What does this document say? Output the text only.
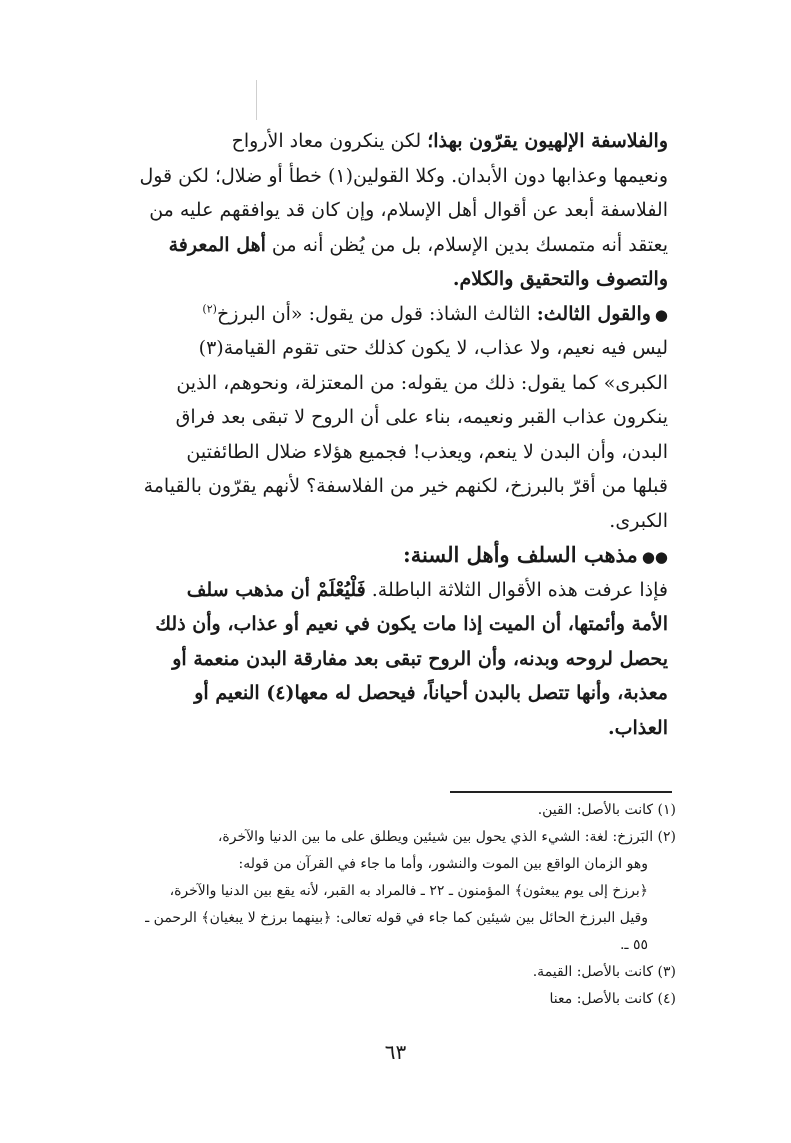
والفلاسفة الإلهيون يقرّون بهذا؛ لكن ينكرون معاد الأرواح
ونعيمها وعذابها دون الأبدان. وكلا القولين(١) خطأ أو ضلال؛ لكن قول
الفلاسفة أبعد عن أقوال أهل الإسلام، وإن كان قد يوافقهم عليه من
يعتقد أنه متمسك بدين الإسلام، بل من يُظن أنه من أهل المعرفة
والتصوف والتحقيق والكلام.
●والقول الثالث: الثالث الشاذ: قول من يقول: «أن البرزخ$^{(٢)}$
ليس فيه نعيم، ولا عذاب، لا يكون كذلك حتى تقوم القيامة(٣)
الكبرى» كما يقول: ذلك من يقوله: من المعتزلة، ونحوهم، الذين
ينكرون عذاب القبر ونعيمه، بناء على أن الروح لا تبقى بعد فراق
البدن، وأن البدن لا ينعم، ويعذب! فجميع هؤلاء ضلال الطائفتين
قبلها من أقرّ بالبرزخ، لكنهم خير من الفلاسفة؟ لأنهم يقرّون بالقيامة
الكبرى.
●●مذهب السلف وأهل السنة:
فإذا عرفت هذه الأقوال الثلاثة الباطلة. فَلْيُعْلَمْ أن مذهب سلف
الأمة وأئمتها، أن الميت إذا مات يكون في نعيم أو عذاب، وأن ذلك
يحصل لروحه وبدنه، وأن الروح تبقى بعد مفارقة البدن منعمة أو
معذبة، وأنها تتصل بالبدن أحياناً، فيحصل له معها(٤) النعيم أو
العذاب.
(١) كانت بالأصل: القين.
(٢) البَرزخ: لغة: الشيء الذي يحول بين شيئين ويطلق على ما بين الدنيا والآخرة،
وهو الزمان الواقع بين الموت والنشور، وأما ما جاء في القرآن من قوله:
﴿برزخ إلى يوم يبعثون﴾ المؤمنون ـ ٢٢ ـ فالمراد به القبر، لأنه يقع بين الدنيا والآخرة،
وقيل البرزخ الحائل بين شيئين كما جاء في قوله تعالى: ﴿بينهما برزخ لا يبغيان﴾ الرحمن ـ
٥٥ ـ.
(٣) كانت بالأصل: القيمة.
(٤) كانت بالأصل: معنا
٦٣
